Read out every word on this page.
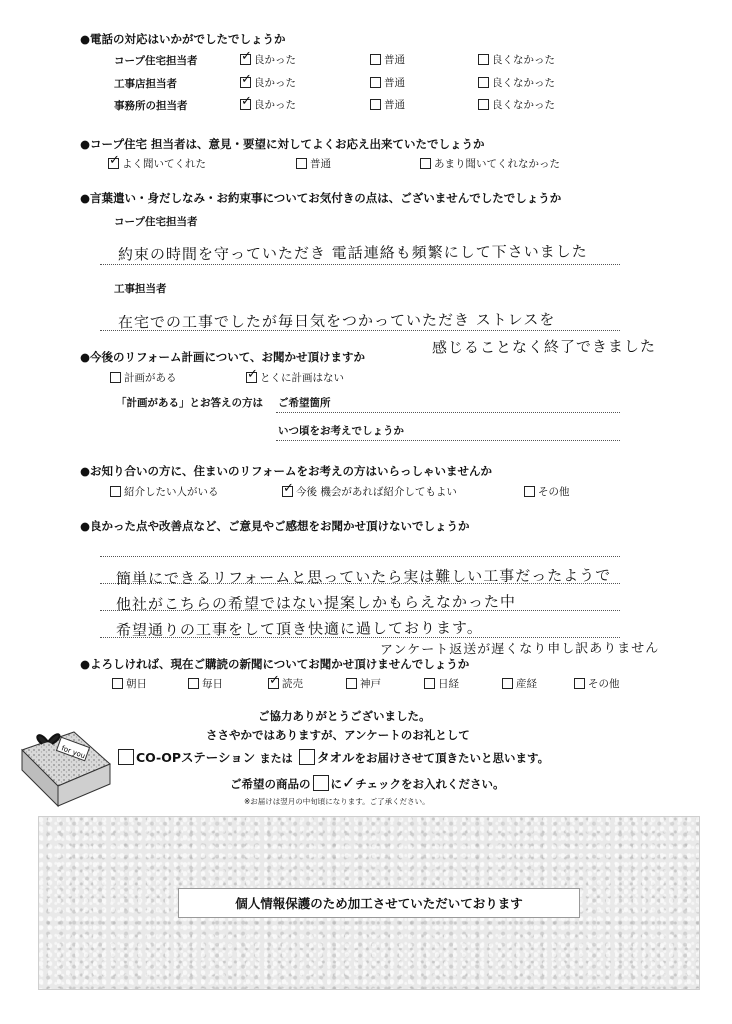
●電話の対応はいかがでしたでしょうか
コープ住宅担当者 ✓	良かった	普通	良くなかった
工事店担当者 ✓	良かった	普通	良くなかった
事務所の担当者 ✓	良かった	普通	良くなかった
●コープ住宅 担当者は、意見・要望に対してよくお応え出来ていたでしょうか
✓よく聞いてくれた	普通	あまり聞いてくれなかった
●言葉遣い・身だしなみ・お約束事についてお気付きの点は、ございませんでしたでしょうか
コープ住宅担当者
約束の時間を守っていただき 電話連絡も頻繁にして下さいました
工事担当者
在宅での工事でしたが毎日気をつかっていただき ストレスを
感じることなく終了できました
●今後のリフォーム計画について、お聞かせ頂けますか
計画がある ✓	とくに計画はない
「計画がある」とお答えの方は ご希望箇所
いつ頃をお考えでしょうか
●お知り合いの方に、住まいのリフォームをお考えの方はいらっしゃいませんか
紹介したい人がいる ✓	今後 機会があれば紹介してもよい	その他
●良かった点や改善点など、ご意見やご感想をお聞かせ頂けないでしょうか
簡単にできるリフォームと思っていたら実は難しい工事だったようで
他社がこちらの希望ではない提案しかもらえなかった中
希望通りの工事をして頂き快適に過しております。
アンケート返送が遅くなり申し訳ありません
●よろしければ、現在ご購読の新聞についてお聞かせ頂けませんでしょうか
朝日	毎日 ✓	読売	神戸	日経	産経	その他
for you
ご協力ありがとうございました。
ささやかではありますが、アンケートのお礼として
CO-OPステーション または タオルをお届けさせて頂きたいと思います。
ご希望の商品の に✓チェックをお入れください。
※お届けは翌月の中旬頃になります。ご了承ください。
個人情報保護のため加工させていただいております
